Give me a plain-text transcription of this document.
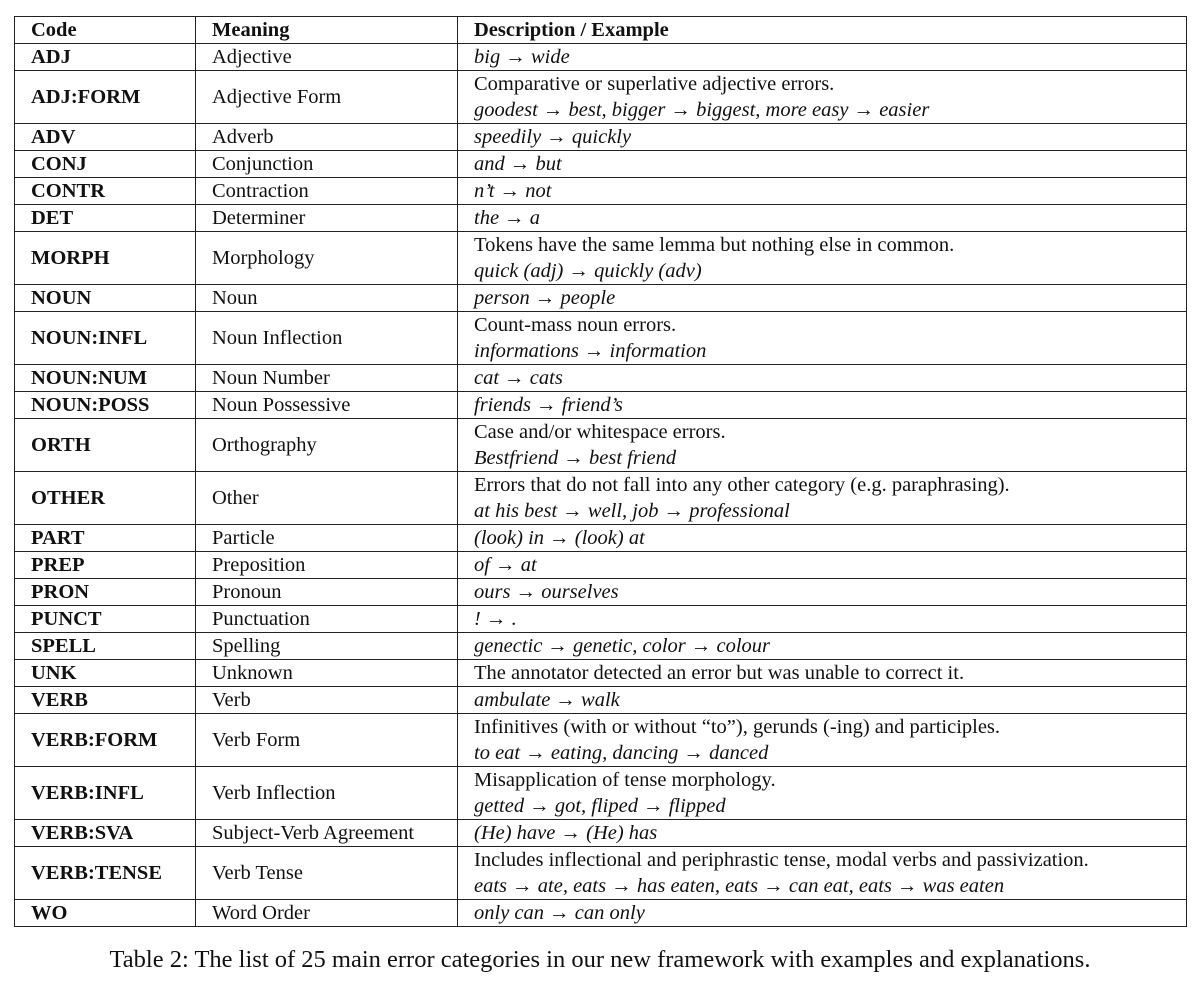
Code	Meaning	Description / Example
ADJ	Adjective	big → wide

ADJ:FORM	Adjective Form	Comparative or superlative adjective errors.
goodest → best, bigger → biggest, more easy → easier

ADV	Adverb	speedily → quickly

CONJ	Conjunction	and → but

CONTR	Contraction	n’t → not

DET	Determiner	the → a

MORPH	Morphology	Tokens have the same lemma but nothing else in common.
quick (adj) → quickly (adv)

NOUN	Noun	person → people

NOUN:INFL	Noun Inflection	Count-mass noun errors.
informations → information

NOUN:NUM	Noun Number	cat → cats

NOUN:POSS	Noun Possessive	friends → friend’s

ORTH	Orthography	Case and/or whitespace errors.
Bestfriend → best friend

OTHER	Other	Errors that do not fall into any other category (e.g. paraphrasing).
at his best → well, job → professional

PART	Particle	(look) in → (look) at

PREP	Preposition	of → at

PRON	Pronoun	ours → ourselves

PUNCT	Punctuation	! → .

SPELL	Spelling	genectic → genetic, color → colour

UNK	Unknown	The annotator detected an error but was unable to correct it.

VERB	Verb	ambulate → walk

VERB:FORM	Verb Form	Infinitives (with or without “to”), gerunds (-ing) and participles.
to eat → eating, dancing → danced

VERB:INFL	Verb Inflection	Misapplication of tense morphology.
getted → got, fliped → flipped

VERB:SVA	Subject-Verb Agreement	(He) have → (He) has

VERB:TENSE	Verb Tense	Includes inflectional and periphrastic tense, modal verbs and passivization.
eats → ate, eats → has eaten, eats → can eat, eats → was eaten

WO	Word Order	only can → can only
Table 2: The list of 25 main error categories in our new framework with examples and explanations.
